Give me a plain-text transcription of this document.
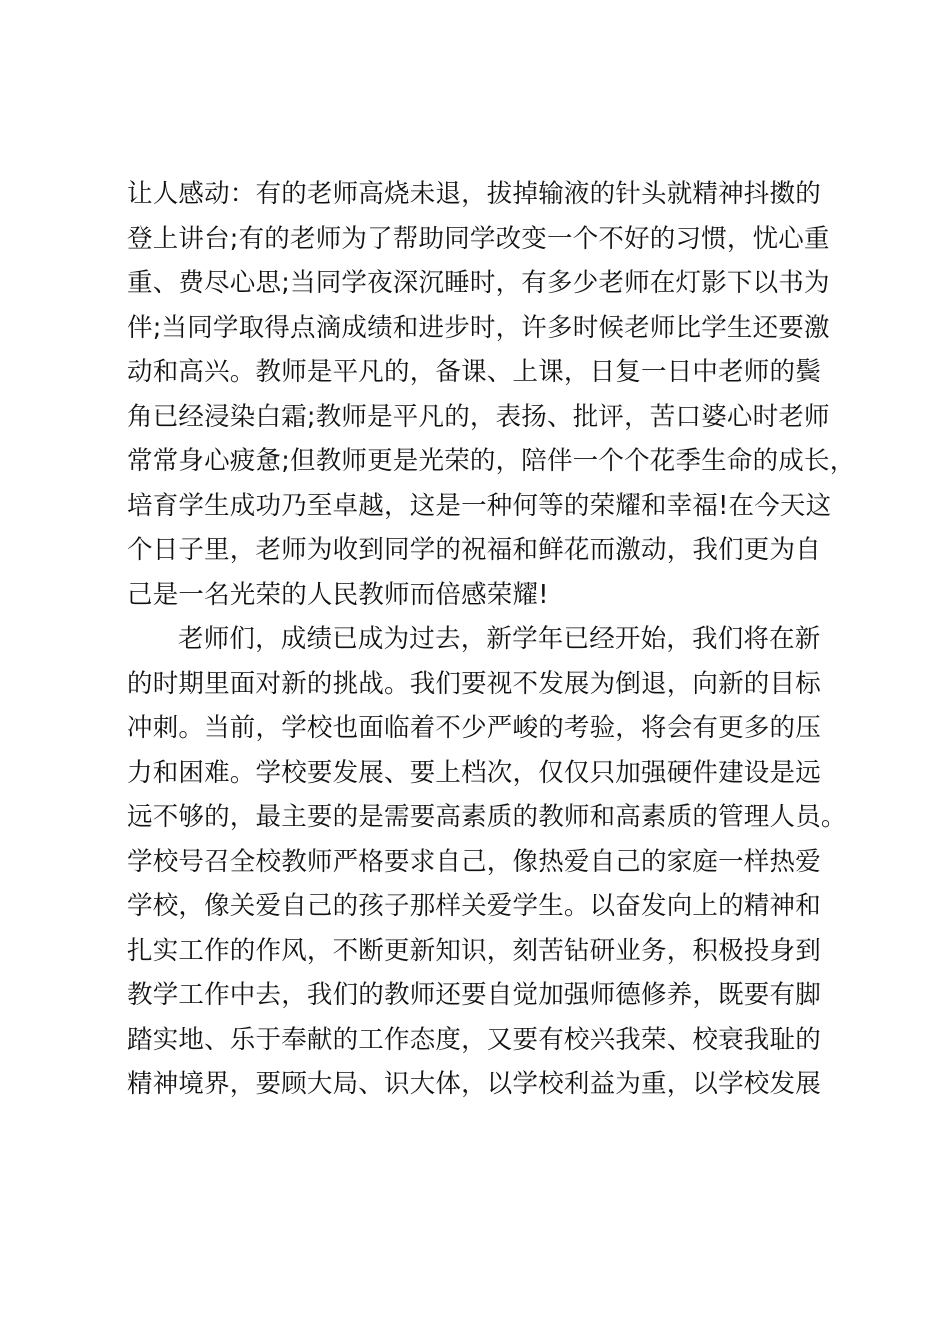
让人感动：有的老师高烧未退，拔掉输液的针头就精神抖擞的
登上讲台;有的老师为了帮助同学改变一个不好的习惯，忧心重
重、费尽心思;当同学夜深沉睡时，有多少老师在灯影下以书为
伴;当同学取得点滴成绩和进步时，许多时候老师比学生还要激
动和高兴。教师是平凡的，备课、上课，日复一日中老师的鬓
角已经浸染白霜;教师是平凡的，表扬、批评，苦口婆心时老师
常常身心疲惫;但教师更是光荣的，陪伴一个个花季生命的成长，
培育学生成功乃至卓越，这是一种何等的荣耀和幸福!在今天这
个日子里，老师为收到同学的祝福和鲜花而激动，我们更为自
己是一名光荣的人民教师而倍感荣耀!
老师们，成绩已成为过去，新学年已经开始，我们将在新
的时期里面对新的挑战。我们要视不发展为倒退，向新的目标
冲刺。当前，学校也面临着不少严峻的考验，将会有更多的压
力和困难。学校要发展、要上档次，仅仅只加强硬件建设是远
远不够的，最主要的是需要高素质的教师和高素质的管理人员。
学校号召全校教师严格要求自己，像热爱自己的家庭一样热爱
学校，像关爱自己的孩子那样关爱学生。以奋发向上的精神和
扎实工作的作风，不断更新知识，刻苦钻研业务，积极投身到
教学工作中去，我们的教师还要自觉加强师德修养，既要有脚
踏实地、乐于奉献的工作态度，又要有校兴我荣、校衰我耻的
精神境界，要顾大局、识大体，以学校利益为重，以学校发展
